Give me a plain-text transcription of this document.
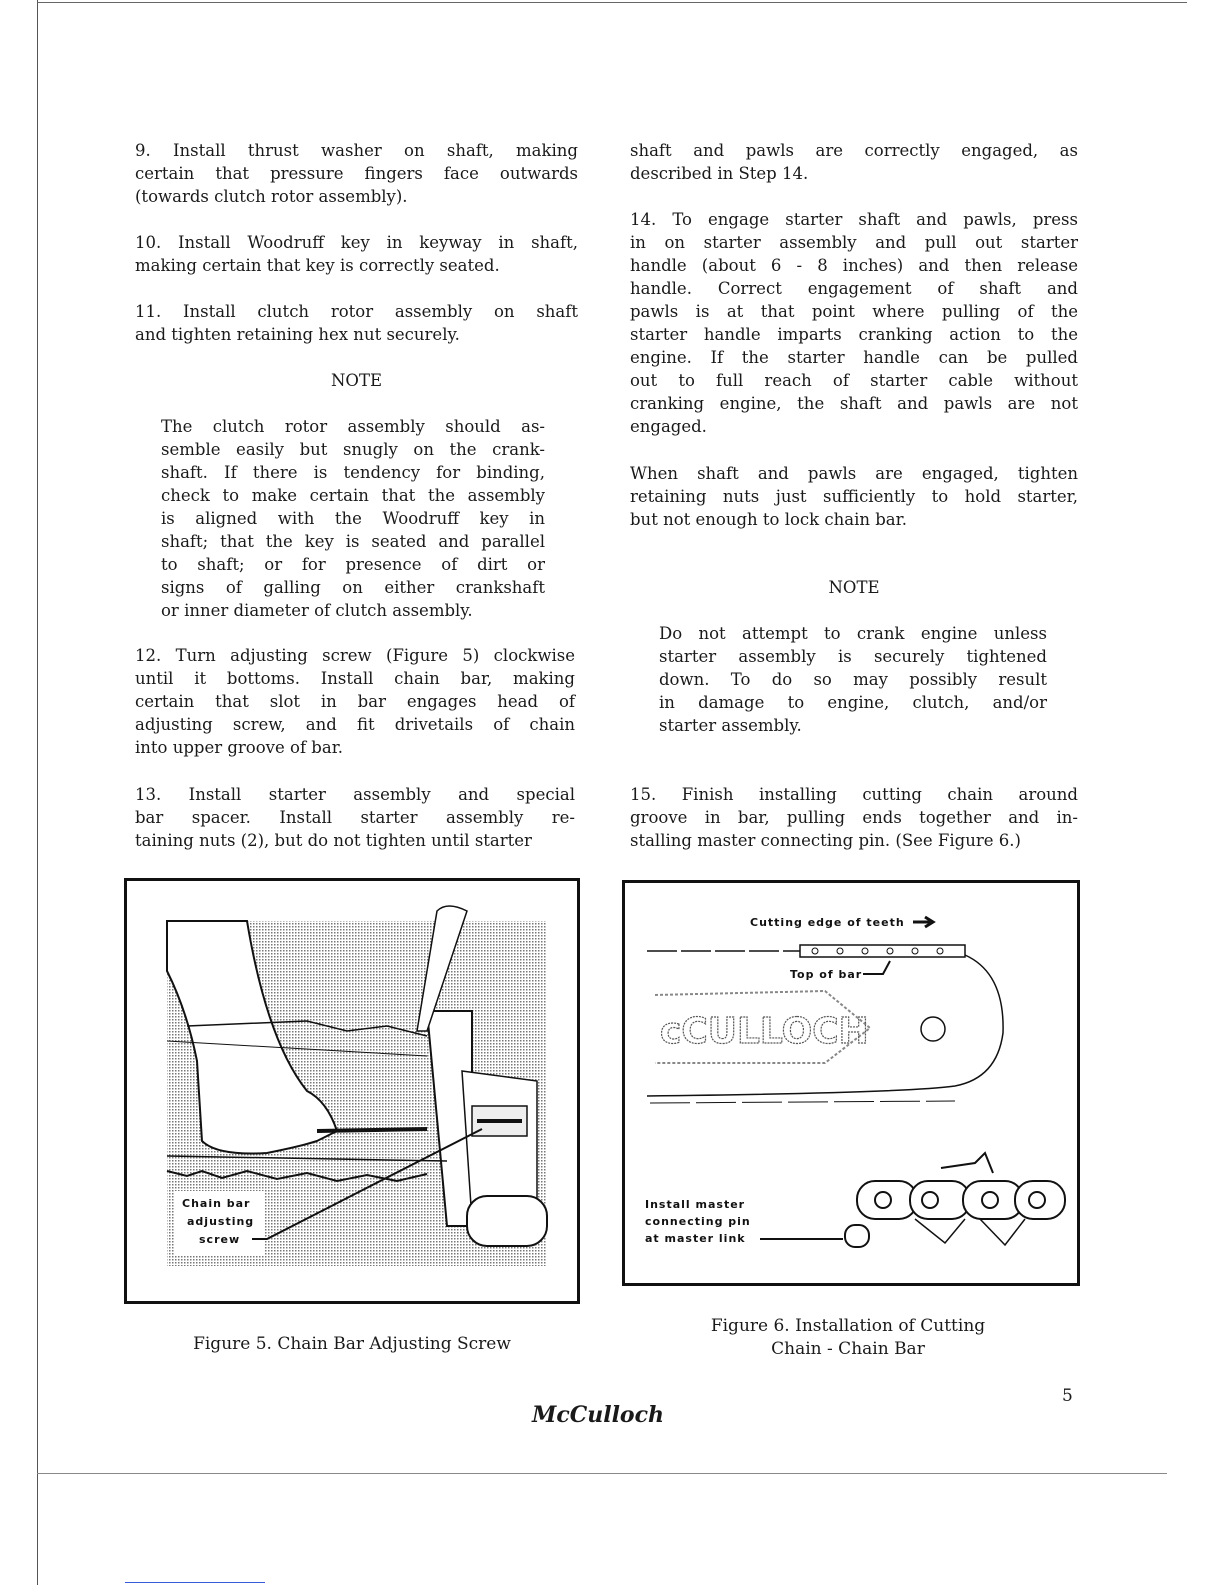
9. Install thrust washer on shaft, making
certain that pressure fingers face outwards
(towards clutch rotor assembly).
10. Install Woodruff key in keyway in shaft,
making certain that key is correctly seated.
11. Install clutch rotor assembly on shaft
and tighten retaining hex nut securely.
NOTE
The clutch rotor assembly should as-
semble easily but snugly on the crank-
shaft. If there is tendency for binding,
check to make certain that the assembly
is aligned with the Woodruff key in
shaft; that the key is seated and parallel
to shaft; or for presence of dirt or
signs of galling on either crankshaft
or inner diameter of clutch assembly.
12. Turn adjusting screw (Figure 5) clockwise
until it bottoms. Install chain bar, making
certain that slot in bar engages head of
adjusting screw, and fit drivetails of chain
into upper groove of bar.
13. Install starter assembly and special
bar spacer. Install starter assembly re-
taining nuts (2), but do not tighten until starter
shaft and pawls are correctly engaged, as
described in Step 14.
14. To engage starter shaft and pawls, press
in on starter assembly and pull out starter
handle (about 6 - 8 inches) and then release
handle. Correct engagement of shaft and
pawls is at that point where pulling of the
starter handle imparts cranking action to the
engine. If the starter handle can be pulled
out to full reach of starter cable without
cranking engine, the shaft and pawls are not
engaged.
When shaft and pawls are engaged, tighten
retaining nuts just sufficiently to hold starter,
but not enough to lock chain bar.
NOTE
Do not attempt to crank engine unless
starter assembly is securely tightened
down. To do so may possibly result
in damage to engine, clutch, and/or
starter assembly.
15. Finish installing cutting chain around
groove in bar, pulling ends together and in-
stalling master connecting pin. (See Figure 6.)
Chain bar
adjusting
screw
Figure 5. Chain Bar Adjusting Screw
Cutting edge of teeth
Top of bar
cCULLOCH
Install master
connecting pin
at master link
Figure 6. Installation of Cutting
Chain - Chain Bar
5
McCulloch
